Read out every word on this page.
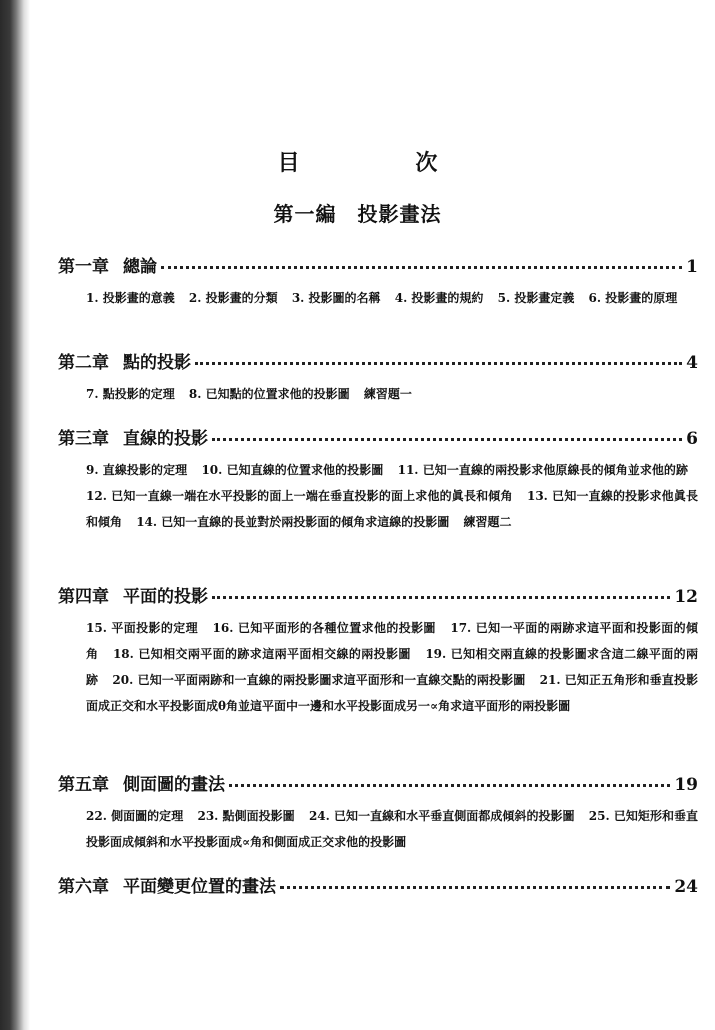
目 次
第一編　投影畫法
第一章 總論	1
1. 投影畫的意義 2. 投影畫的分類 3. 投影圖的名稱 4. 投影畫的規約 5. 投影畫定義 6. 投影畫的原理
第二章 點的投影	4
7. 點投影的定理 8. 已知點的位置求他的投影圖 練習題一
第三章 直線的投影	6
9. 直線投影的定理 10. 已知直線的位置求他的投影圖 11. 已知一直線的兩投影求他原線長的傾角並求他的跡 12. 已知一直線一端在水平投影的面上一端在垂直投影的面上求他的眞長和傾角 13. 已知一直線的投影求他眞長和傾角 14. 已知一直線的長並對於兩投影面的傾角求這線的投影圖 練習題二
第四章 平面的投影	12
15. 平面投影的定理 16. 已知平面形的各種位置求他的投影圖 17. 已知一平面的兩跡求這平面和投影面的傾角 18. 已知相交兩平面的跡求這兩平面相交線的兩投影圖 19. 已知相交兩直線的投影圖求含這二線平面的兩跡 20. 已知一平面兩跡和一直線的兩投影圖求這平面形和一直線交點的兩投影圖 21. 已知正五角形和垂直投影面成正交和水平投影面成θ角並這平面中一邊和水平投影面成另一∝角求這平面形的兩投影圖
第五章 側面圖的畫法	19
22. 側面圖的定理 23. 點側面投影圖 24. 已知一直線和水平垂直側面都成傾斜的投影圖 25. 已知矩形和垂直投影面成傾斜和水平投影面成∝角和側面成正交求他的投影圖
第六章 平面變更位置的畫法	24
